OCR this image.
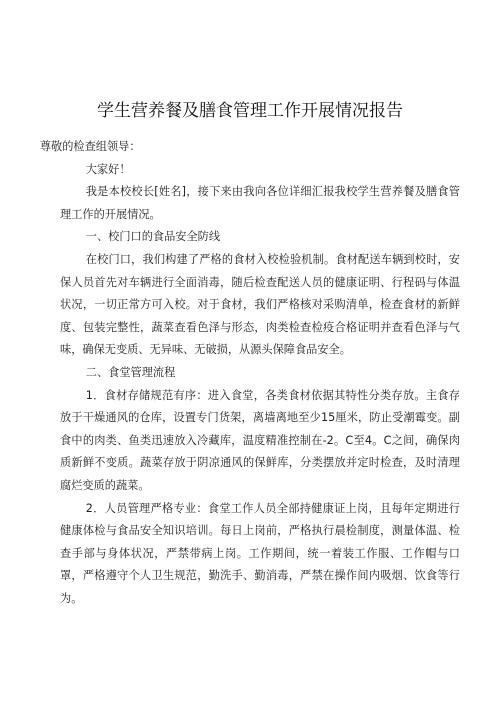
学生营养餐及膳食管理工作开展情况报告

尊敬的检查组领导：

大家好！

我是本校校长[姓名]，接下来由我向各位详细汇报我校学生营养餐及膳食管理工作的开展情况。

一、校门口的食品安全防线

在校门口，我们构建了严格的食材入校检验机制。食材配送车辆到校时，安保人员首先对车辆进行全面消毒，随后检查配送人员的健康证明、行程码与体温状况，一切正常方可入校。对于食材，我们严格核对采购清单，检查食材的新鲜度、包装完整性，蔬菜查看色泽与形态，肉类检查检疫合格证明并查看色泽与气味，确保无变质、无异味、无破损，从源头保障食品安全。

二、食堂管理流程

1．食材存储规范有序：进入食堂，各类食材依据其特性分类存放。主食存放于干燥通风的仓库，设置专门货架，离墙离地至少15厘米，防止受潮霉变。副食中的肉类、鱼类迅速放入冷藏库，温度精准控制在-2。C至4。C之间，确保肉质新鲜不变质。蔬菜存放于阴凉通风的保鲜库，分类摆放并定时检查，及时清理腐烂变质的蔬菜。

2．人员管理严格专业：食堂工作人员全部持健康证上岗，且每年定期进行健康体检与食品安全知识培训。每日上岗前，严格执行晨检制度，测量体温、检查手部与身体状况，严禁带病上岗。工作期间，统一着装工作服、工作帽与口罩，严格遵守个人卫生规范，勤洗手、勤消毒，严禁在操作间内吸烟、饮食等行为。
